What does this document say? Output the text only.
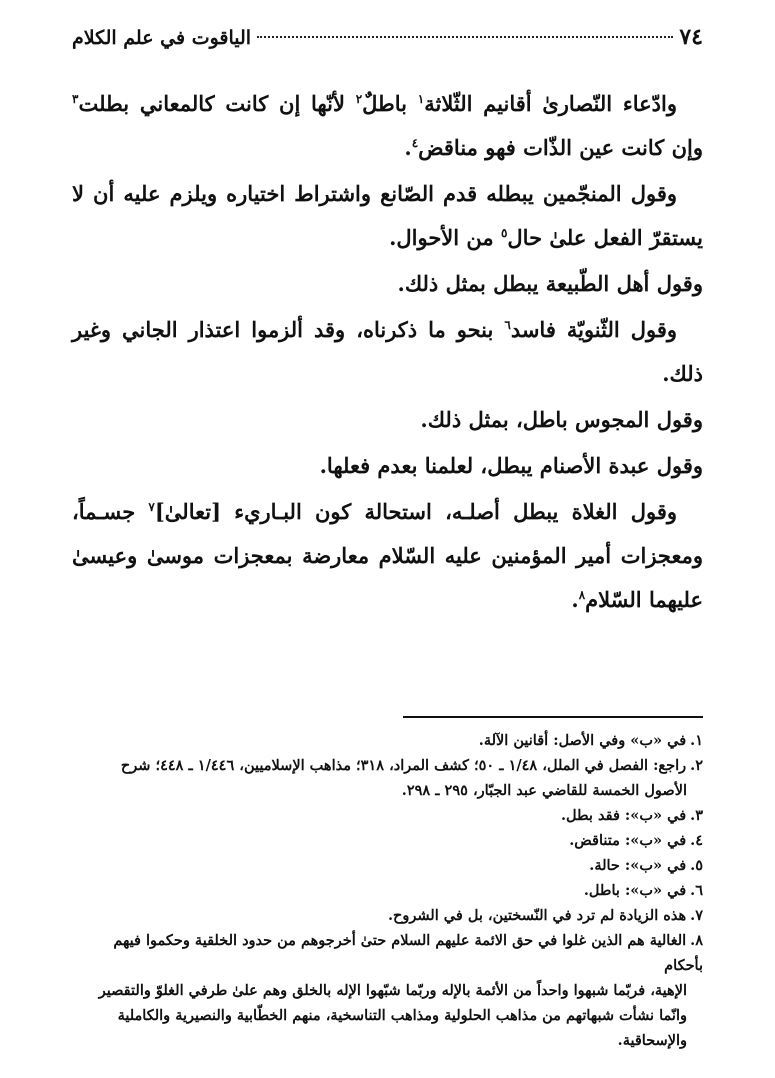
٧٤
الياقوت في علم الكلام

وادّعاء النّصارىٰ أقانيم الثّلاثة$^١$ باطلٌ$^٢$ لأنّها إن كانت كالمعاني بطلت$^٣$ وإن كانت عين الذّات فهو مناقض$^٤$.

وقول المنجّمين يبطله قدم الصّانع واشتراط اختياره ويلزم عليه أن لا يستقرّ الفعل علىٰ حال$^٥$ من الأحوال.

وقول أهل الطّبيعة يبطل بمثل ذلك.

وقول الثّنويّة فاسد$^٦$ بنحو ما ذكرناه، وقد ألزموا اعتذار الجاني وغير ذلك.

وقول المجوس باطل، بمثل ذلك.

وقول عبدة الأصنام يبطل، لعلمنا بعدم فعلها.

وقول الغلاة يبطل أصلـه، استحالة كون البـاريء [تعالىٰ]$^٧$ جسـماً، ومعجزات أمير المؤمنين عليه السّلام معارضة بمعجزات موسىٰ وعيسىٰ عليهما السّلام$^٨$.

١.في «ب» وفي الأصل: أقانين الآلة.
٢.راجع: الفصل في الملل، ١/٤٨ ـ ٥٠؛ كشف المراد، ٣١٨؛ مذاهب الإسلاميين، ١/٤٤٦ ـ ٤٤٨؛ شرح
الأصول الخمسة للقاضي عبد الجبّار، ٢٩٥ ـ ٢٩٨.
٣.في «ب»: فقد بطل.
٤.في «ب»: متناقض.
٥.في «ب»: حالة.
٦.في «ب»: باطل.
٧.هذه الزيادة لم ترد في النّسختين، بل في الشروح.
٨.الغالية هم الذين غلوا في حق الائمة عليهم السلام حتىٰ أخرجوهم من حدود الخلقية وحكموا فيهم بأحكام
الإهية، فربّما شبهوا واحداً من الأئمة بالإله وربّما شبّهوا الإله بالخلق وهم علىٰ طرفي الغلوّ والتقصير وانّما نشأت شبهاتهم من مذاهب الحلولية ومذاهب التناسخية، منهم الخطّابية والنصيرية والكاملية والإسحاقية.
